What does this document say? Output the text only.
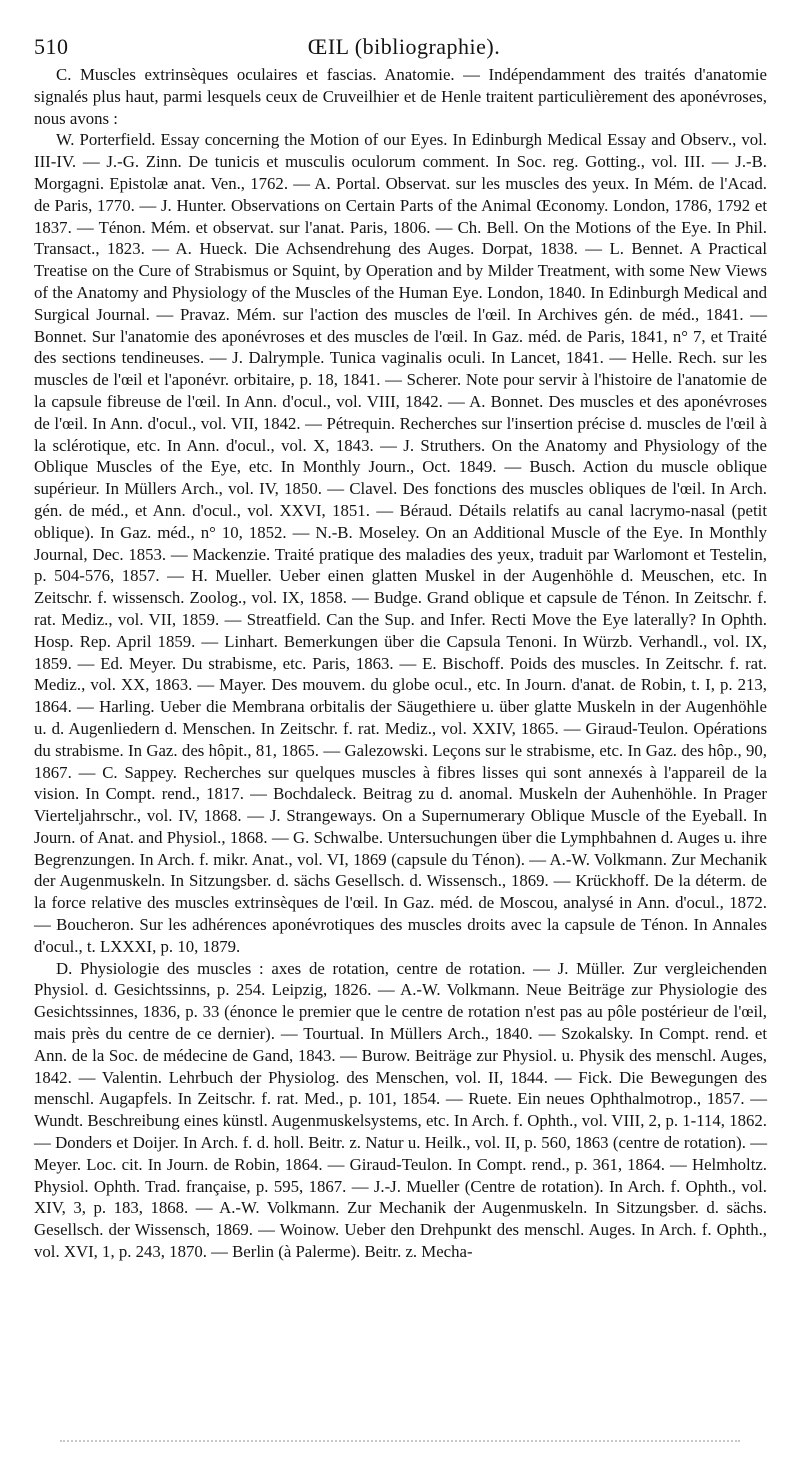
510	ŒIL (bibliographie).

C. Muscles extrinsèques oculaires et fascias. Anatomie. — Indépendamment des traités d'anatomie signalés plus haut, parmi lesquels ceux de Cruveilhier et de Henle traitent particulièrement des aponévroses, nous avons :

W. Porterfield. Essay concerning the Motion of our Eyes. In Edinburgh Medical Essay and Observ., vol. III-IV. — J.-G. Zinn. De tunicis et musculis oculorum comment. In Soc. reg. Gotting., vol. III. — J.-B. Morgagni. Epistolæ anat. Ven., 1762. — A. Portal. Observat. sur les muscles des yeux. In Mém. de l'Acad. de Paris, 1770. — J. Hunter. Observations on Certain Parts of the Animal Œconomy. London, 1786, 1792 et 1837. — Ténon. Mém. et observat. sur l'anat. Paris, 1806. — Ch. Bell. On the Motions of the Eye. In Phil. Transact., 1823. — A. Hueck. Die Achsendrehung des Auges. Dorpat, 1838. — L. Bennet. A Practical Treatise on the Cure of Strabismus or Squint, by Operation and by Milder Treatment, with some New Views of the Anatomy and Physiology of the Muscles of the Human Eye. London, 1840. In Edinburgh Medical and Surgical Journal. — Pravaz. Mém. sur l'action des muscles de l'œil. In Archives gén. de méd., 1841. — Bonnet. Sur l'anatomie des aponévroses et des muscles de l'œil. In Gaz. méd. de Paris, 1841, n° 7, et Traité des sections tendineuses. — J. Dalrymple. Tunica vaginalis oculi. In Lancet, 1841. — Helle. Rech. sur les muscles de l'œil et l'aponévr. orbitaire, p. 18, 1841. — Scherer. Note pour servir à l'histoire de l'anatomie de la capsule fibreuse de l'œil. In Ann. d'ocul., vol. VIII, 1842. — A. Bonnet. Des muscles et des aponévroses de l'œil. In Ann. d'ocul., vol. VII, 1842. — Pétrequin. Recherches sur l'insertion précise d. muscles de l'œil à la sclérotique, etc. In Ann. d'ocul., vol. X, 1843. — J. Struthers. On the Anatomy and Physiology of the Oblique Muscles of the Eye, etc. In Monthly Journ., Oct. 1849. — Busch. Action du muscle oblique supérieur. In Müllers Arch., vol. IV, 1850. — Clavel. Des fonctions des muscles obliques de l'œil. In Arch. gén. de méd., et Ann. d'ocul., vol. XXVI, 1851. — Béraud. Détails relatifs au canal lacrymo-nasal (petit oblique). In Gaz. méd., n° 10, 1852. — N.-B. Moseley. On an Additional Muscle of the Eye. In Monthly Journal, Dec. 1853. — Mackenzie. Traité pratique des maladies des yeux, traduit par Warlomont et Testelin, p. 504-576, 1857. — H. Mueller. Ueber einen glatten Muskel in der Augenhöhle d. Meuschen, etc. In Zeitschr. f. wissensch. Zoolog., vol. IX, 1858. — Budge. Grand oblique et capsule de Ténon. In Zeitschr. f. rat. Mediz., vol. VII, 1859. — Streatfield. Can the Sup. and Infer. Recti Move the Eye laterally? In Ophth. Hosp. Rep. April 1859. — Linhart. Bemerkungen über die Capsula Tenoni. In Würzb. Verhandl., vol. IX, 1859. — Ed. Meyer. Du strabisme, etc. Paris, 1863. — E. Bischoff. Poids des muscles. In Zeitschr. f. rat. Mediz., vol. XX, 1863. — Mayer. Des mouvem. du globe ocul., etc. In Journ. d'anat. de Robin, t. I, p. 213, 1864. — Harling. Ueber die Membrana orbitalis der Säugethiere u. über glatte Muskeln in der Augenhöhle u. d. Augenliedern d. Menschen. In Zeitschr. f. rat. Mediz., vol. XXIV, 1865. — Giraud-Teulon. Opérations du strabisme. In Gaz. des hôpit., 81, 1865. — Galezowski. Leçons sur le strabisme, etc. In Gaz. des hôp., 90, 1867. — C. Sappey. Recherches sur quelques muscles à fibres lisses qui sont annexés à l'appareil de la vision. In Compt. rend., 1817. — Bochdaleck. Beitrag zu d. anomal. Muskeln der Auhenhöhle. In Prager Vierteljahrschr., vol. IV, 1868. — J. Strangeways. On a Supernumerary Oblique Muscle of the Eyeball. In Journ. of Anat. and Physiol., 1868. — G. Schwalbe. Untersuchungen über die Lymphbahnen d. Auges u. ihre Begrenzungen. In Arch. f. mikr. Anat., vol. VI, 1869 (capsule du Ténon). — A.-W. Volkmann. Zur Mechanik der Augenmuskeln. In Sitzungsber. d. sächs Gesellsch. d. Wissensch., 1869. — Krückhoff. De la déterm. de la force relative des muscles extrinsèques de l'œil. In Gaz. méd. de Moscou, analysé in Ann. d'ocul., 1872. — Boucheron. Sur les adhérences aponévrotiques des muscles droits avec la capsule de Ténon. In Annales d'ocul., t. LXXXI, p. 10, 1879.

D. Physiologie des muscles : axes de rotation, centre de rotation. — J. Müller. Zur vergleichenden Physiol. d. Gesichtssinns, p. 254. Leipzig, 1826. — A.-W. Volkmann. Neue Beiträge zur Physiologie des Gesichtssinnes, 1836, p. 33 (énonce le premier que le centre de rotation n'est pas au pôle postérieur de l'œil, mais près du centre de ce dernier). — Tourtual. In Müllers Arch., 1840. — Szokalsky. In Compt. rend. et Ann. de la Soc. de médecine de Gand, 1843. — Burow. Beiträge zur Physiol. u. Physik des menschl. Auges, 1842. — Valentin. Lehrbuch der Physiolog. des Menschen, vol. II, 1844. — Fick. Die Bewegungen des menschl. Augapfels. In Zeitschr. f. rat. Med., p. 101, 1854. — Ruete. Ein neues Ophthalmotrop., 1857. — Wundt. Beschreibung eines künstl. Augenmuskelsystems, etc. In Arch. f. Ophth., vol. VIII, 2, p. 1-114, 1862. — Donders et Doijer. In Arch. f. d. holl. Beitr. z. Natur u. Heilk., vol. II, p. 560, 1863 (centre de rotation). — Meyer. Loc. cit. In Journ. de Robin, 1864. — Giraud-Teulon. In Compt. rend., p. 361, 1864. — Helmholtz. Physiol. Ophth. Trad. française, p. 595, 1867. — J.-J. Mueller (Centre de rotation). In Arch. f. Ophth., vol. XIV, 3, p. 183, 1868. — A.-W. Volkmann. Zur Mechanik der Augenmuskeln. In Sitzungsber. d. sächs. Gesellsch. der Wissensch, 1869. — Woinow. Ueber den Drehpunkt des menschl. Auges. In Arch. f. Ophth., vol. XVI, 1, p. 243, 1870. — Berlin (à Palerme). Beitr. z. Mecha-
